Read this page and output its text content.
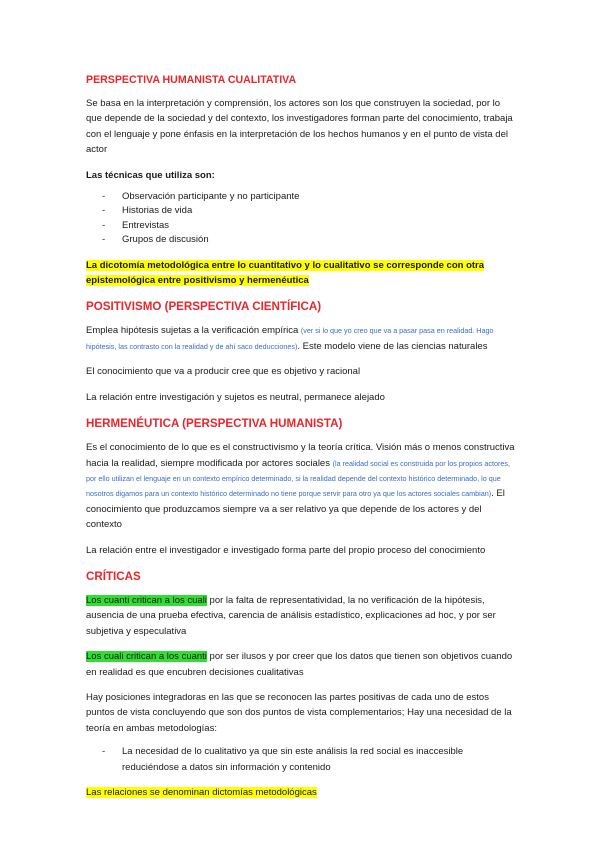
PERSPECTIVA HUMANISTA CUALITATIVA

Se basa en la interpretación y comprensión, los actores son los que construyen la sociedad, por lo que depende de la sociedad y del contexto, los investigadores forman parte del conocimiento, trabaja con el lenguaje y pone énfasis en la interpretación de los hechos humanos y en el punto de vista del actor

Las técnicas que utiliza son:

- Observación participante y no participante
- Historias de vida
- Entrevistas
- Grupos de discusión

La dicotomía metodológica entre lo cuantitativo y lo cualitativo se corresponde con otra epistemológica entre positivismo y hermenéutica

POSITIVISMO (PERSPECTIVA CIENTÍFICA)

Emplea hipótesis sujetas a la verificación empírica (ver si lo que yo creo que va a pasar pasa en realidad. Hago hipótesis, las contrasto con la realidad y de ahí saco deducciones). Este modelo viene de las ciencias naturales

El conocimiento que va a producir cree que es objetivo y racional

La relación entre investigación y sujetos es neutral, permanece alejado

HERMENÉUTICA (PERSPECTIVA HUMANISTA)

Es el conocimiento de lo que es el constructivismo y la teoría crítica. Visión más o menos constructiva hacia la realidad, siempre modificada por actores sociales (la realidad social es construida por los propios actores, por ello utilizan el lenguaje en un contexto empírico determinado, si la realidad depende del contexto histórico determinado, lo que nosotros digamos para un contexto histórico determinado no tiene porque servir para otro ya que los actores sociales cambian). El conocimiento que produzcamos siempre va a ser relativo ya que depende de los actores y del contexto

La relación entre el investigador e investigado forma parte del propio proceso del conocimiento

CRÍTICAS

Los cuanti critican a los cuali por la falta de representatividad, la no verificación de la hipótesis, ausencia de una prueba efectiva, carencia de análisis estadístico, explicaciones ad hoc, y por ser subjetiva y especulativa

Los cuali critican a los cuanti por ser ilusos y por creer que los datos que tienen son objetivos cuando en realidad es que encubren decisiones cualitativas

Hay posiciones integradoras en las que se reconocen las partes positivas de cada uno de estos puntos de vista concluyendo que son dos puntos de vista complementarios; Hay una necesidad de la teoría en ambas metodologías:

- La necesidad de lo cualitativo ya que sin este análisis la red social es inaccesible reduciéndose a datos sin información y contenido

Las relaciones se denominan dictomías metodológicas
